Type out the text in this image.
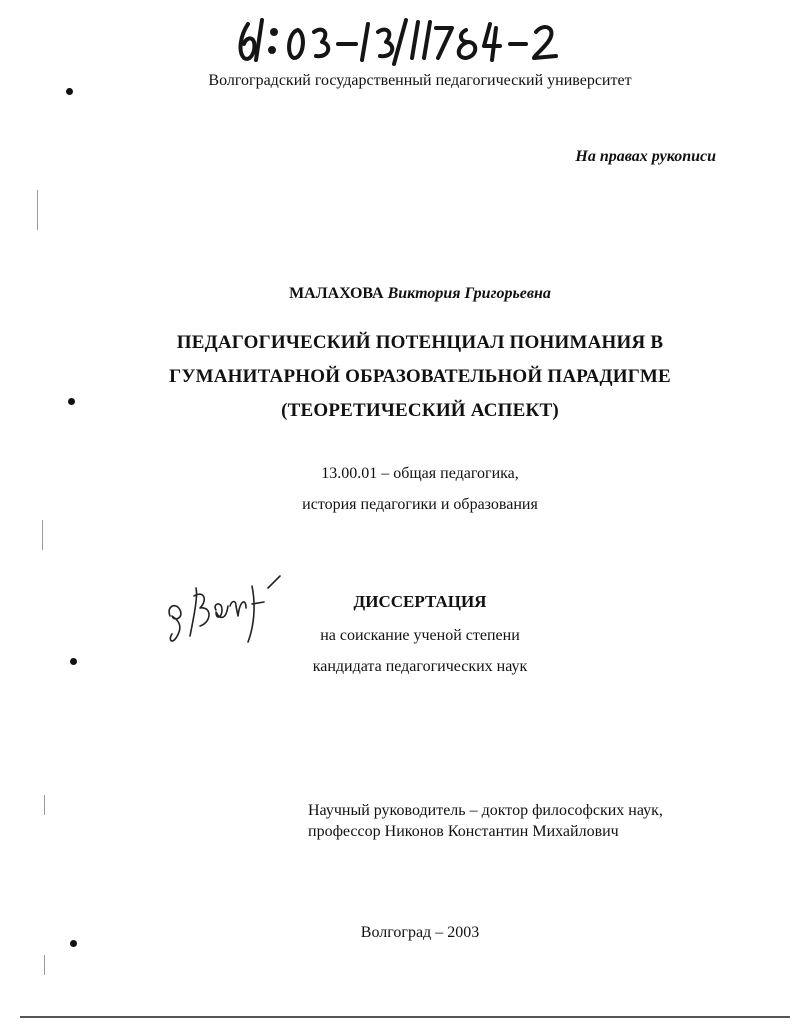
Волгоградский государственный педагогический университет
На правах рукописи
МАЛАХОВА Виктория Григорьевна
ПЕДАГОГИЧЕСКИЙ ПОТЕНЦИАЛ ПОНИМАНИЯ В
ГУМАНИТАРНОЙ ОБРАЗОВАТЕЛЬНОЙ ПАРАДИГМЕ
(ТЕОРЕТИЧЕСКИЙ АСПЕКТ)
13.00.01 – общая педагогика,
история педагогики и образования
ДИССЕРТАЦИЯ
на соискание ученой степени
кандидата педагогических наук
Научный руководитель – доктор философских наук,
профессор Никонов Константин Михайлович
Волгоград – 2003
